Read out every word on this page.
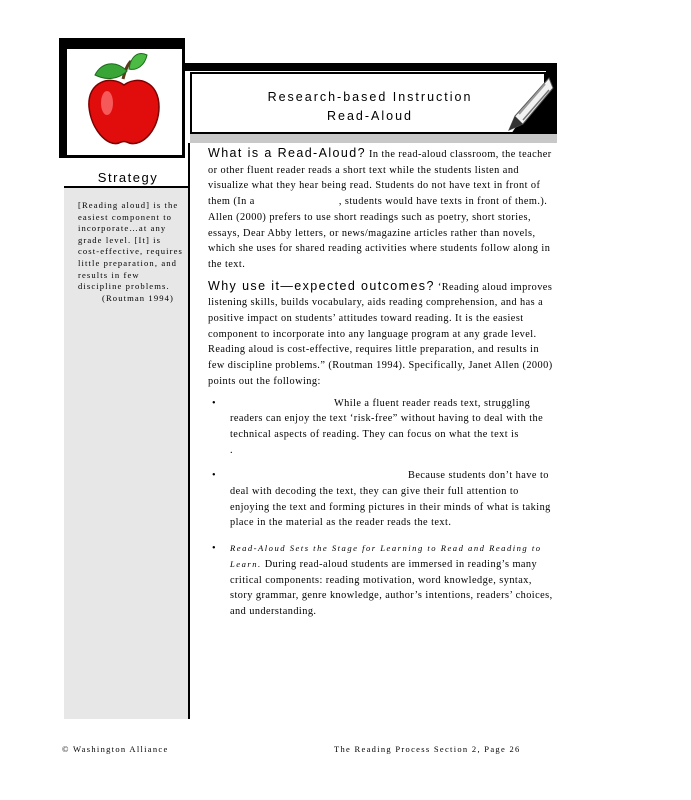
Research-based Instruction
Read-Aloud
Strategy
[Reading aloud] is the easiest component to incorporate…at any grade level. [It] is cost-effective, requires little preparation, and results in few discipline problems.
(Routman 1994)

What is a Read-Aloud? In the read-aloud classroom, the teacher or other fluent reader reads a short text while the students listen and visualize what they hear being read. Students do not have text in front of them (In a	, students would have texts in front of them.). Allen (2000) prefers to use short readings such as poetry, short stories, essays, Dear Abby letters, or news/magazine articles rather than novels, which she uses for shared reading activities where students follow along in the text.

Why use it—expected outcomes? ‘Reading aloud improves listening skills, builds vocabulary, aids reading comprehension, and has a positive impact on students’ attitudes toward reading. It is the easiest component to incorporate into any language program at any grade level. Reading aloud is cost-effective, requires little preparation, and results in few discipline problems.” (Routman 1994). Specifically, Janet Allen (2000) points out the following:

•	While a fluent reader reads text, struggling readers can enjoy the text ‘risk-free” without having to deal with the technical aspects of reading. They can focus on what the text is.
•	Because students don’t have to deal with decoding the text, they can give their full attention to enjoying the text and forming pictures in their minds of what is taking place in the material as the reader reads the text.
• Read-Aloud Sets the Stage for Learning to Read and Reading to Learn. During read-aloud students are immersed in reading’s many critical components: reading motivation, word knowledge, syntax, story grammar, genre knowledge, author’s intentions, readers’ choices, and understanding.
© Washington Alliance	The Reading Process Section 2, Page 26
